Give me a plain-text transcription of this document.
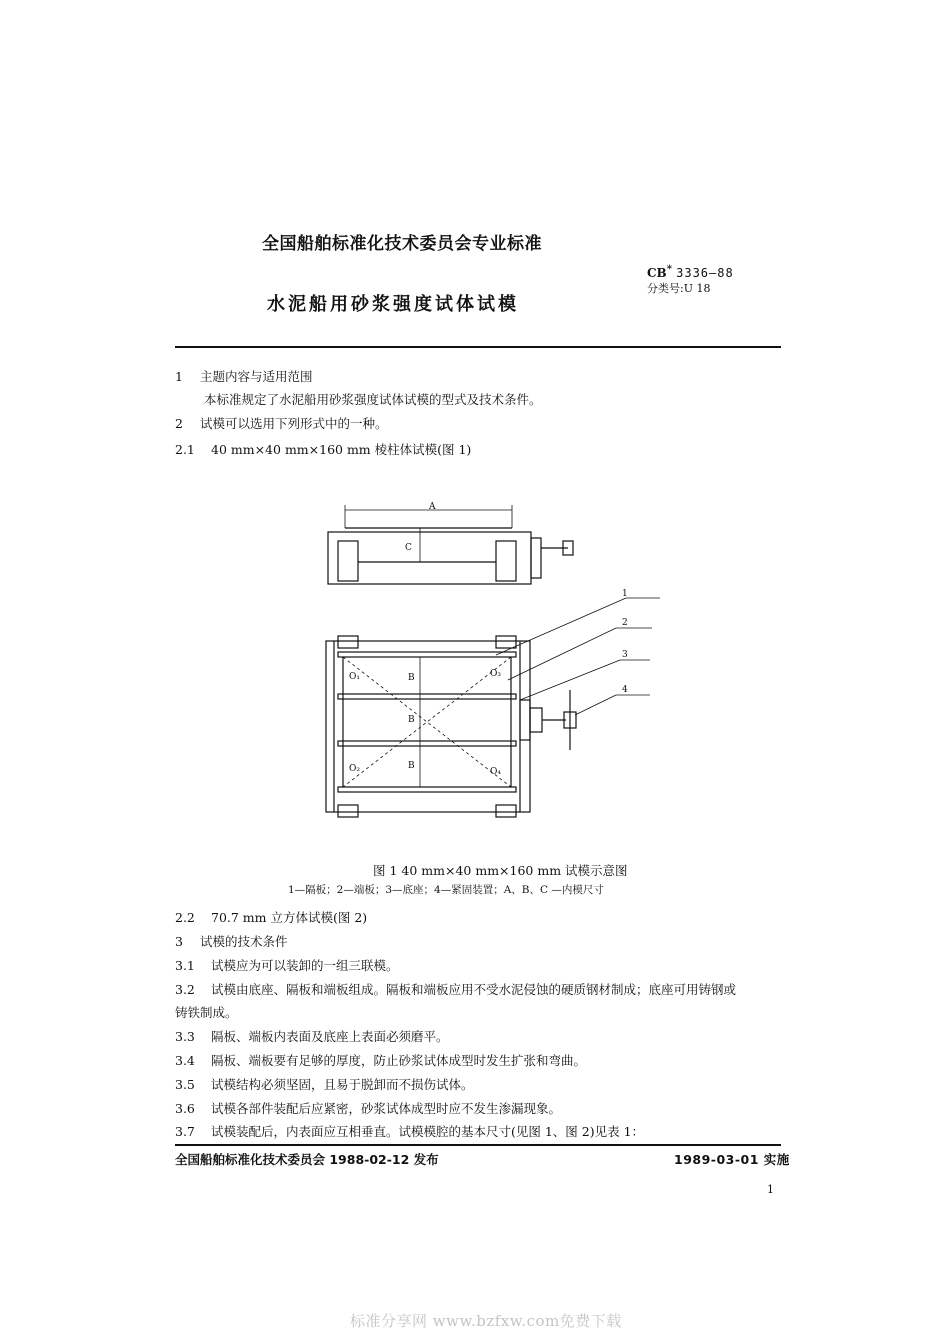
全国船舶标准化技术委员会专业标准
CB* 3336—88
分类号:U 18
水泥船用砂浆强度试体试模
1 主题内容与适用范围
本标准规定了水泥船用砂浆强度试体试模的型式及技术条件。
2 试模可以选用下列形式中的一种。
2.1 40 mm×40 mm×160 mm 棱柱体试模(图 1)
A
C
B
B
B
O₁	O₃
O₂	O₄
1
2
3
4
图 1 40 mm×40 mm×160 mm 试模示意图
1—隔板；2—端板；3—底座；4—紧固装置；A、B、C —内模尺寸
2.2 70.7 mm 立方体试模(图 2)
3 试模的技术条件
3.1 试模应为可以装卸的一组三联模。
3.2 试模由底座、隔板和端板组成。隔板和端板应用不受水泥侵蚀的硬质钢材制成；底座可用铸钢或
铸铁制成。
3.3 隔板、端板内表面及底座上表面必须磨平。
3.4 隔板、端板要有足够的厚度，防止砂浆试体成型时发生扩张和弯曲。
3.5 试模结构必须坚固，且易于脱卸而不损伤试体。
3.6 试模各部件装配后应紧密，砂浆试体成型时应不发生渗漏现象。
3.7 试模装配后，内表面应互相垂直。试模模腔的基本尺寸(见图 1、图 2)见表 1：
全国船舶标准化技术委员会 1988-02-12 发布	1989-03-01 实施
1
标准分享网 www.bzfxw.com免费下载
